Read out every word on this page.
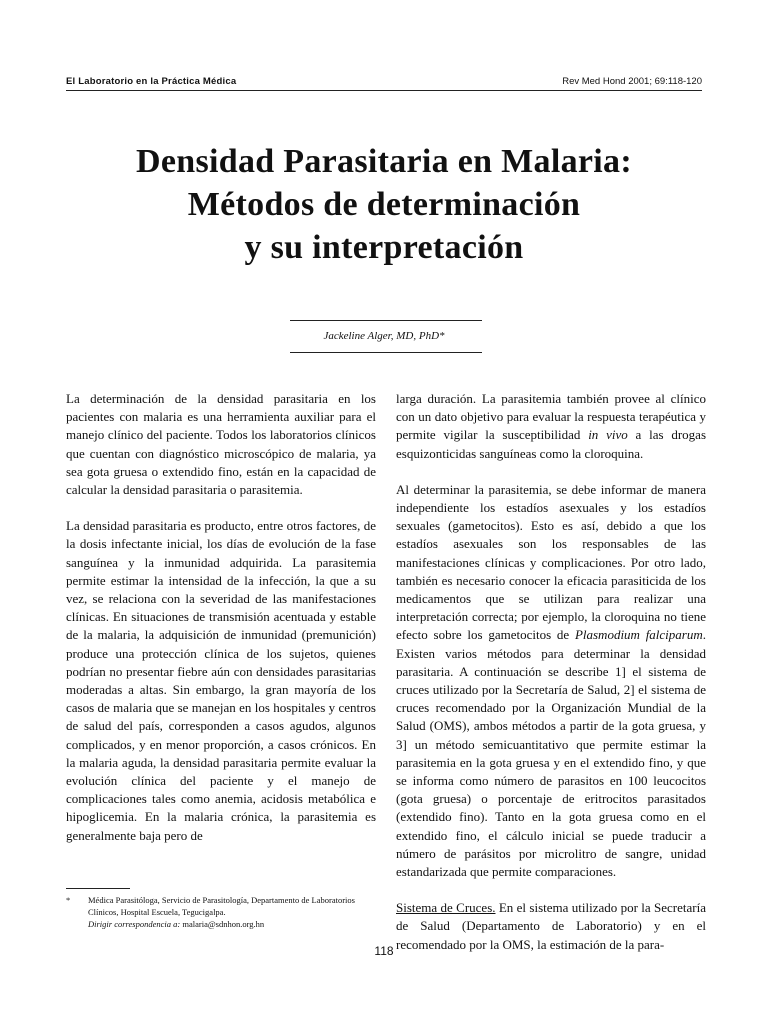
El Laboratorio en la Práctica Médica	Rev Med Hond 2001; 69:118-120
Densidad Parasitaria en Malaria:
Métodos de determinación
y su interpretación
Jackeline Alger, MD, PhD*

La determinación de la densidad parasitaria en los pacientes con malaria es una herramienta auxiliar para el manejo clínico del paciente. Todos los laboratorios clínicos que cuentan con diagnóstico microscópico de malaria, ya sea gota gruesa o extendido fino, están en la capacidad de calcular la densidad parasitaria o parasitemia.

La densidad parasitaria es producto, entre otros factores, de la dosis infectante inicial, los días de evolución de la fase sanguínea y la inmunidad adquirida. La parasitemia permite estimar la intensidad de la infección, la que a su vez, se relaciona con la severidad de las manifestaciones clínicas. En situaciones de transmisión acentuada y estable de la malaria, la adquisición de inmunidad (premunición) produce una protección clínica de los sujetos, quienes podrían no presentar fiebre aún con densidades parasitarias moderadas a altas. Sin embargo, la gran mayoría de los casos de malaria que se manejan en los hospitales y centros de salud del país, corresponden a casos agudos, algunos complicados, y en menor proporción, a casos crónicos. En la malaria aguda, la densidad parasitaria permite evaluar la evolución clínica del paciente y el manejo de complicaciones tales como anemia, acidosis metabólica e hipoglicemia. En la malaria crónica, la parasitemia es generalmente baja pero de

larga duración. La parasitemia también provee al clínico con un dato objetivo para evaluar la respuesta terapéutica y permite vigilar la susceptibilidad in vivo a las drogas esquizonticidas sanguíneas como la cloroquina.

Al determinar la parasitemia, se debe informar de manera independiente los estadíos asexuales y los estadíos sexuales (gametocitos). Esto es así, debido a que los estadíos asexuales son los responsables de las manifestaciones clínicas y complicaciones. Por otro lado, también es necesario conocer la eficacia parasiticida de los medicamentos que se utilizan para realizar una interpretación correcta; por ejemplo, la cloroquina no tiene efecto sobre los gametocitos de Plasmodium falciparum. Existen varios métodos para determinar la densidad parasitaria. A continuación se describe 1] el sistema de cruces utilizado por la Secretaría de Salud, 2] el sistema de cruces recomendado por la Organización Mundial de la Salud (OMS), ambos métodos a partir de la gota gruesa, y 3] un método semicuantitativo que permite estimar la parasitemia en la gota gruesa y en el extendido fino, y que se informa como número de parasitos en 100 leucocitos (gota gruesa) o porcentaje de eritrocitos parasitados (extendido fino). Tanto en la gota gruesa como en el extendido fino, el cálculo inicial se puede traducir a número de parásitos por microlitro de sangre, unidad estandarizada que permite comparaciones.

Sistema de Cruces. En el sistema utilizado por la Secretaría de Salud (Departamento de Laboratorio) y en el recomendado por la OMS, la estimación de la para-

* Médica Parasitóloga, Servicio de Parasitología, Departamento de Laboratorios Clínicos, Hospital Escuela, Tegucigalpa.
Dirigir correspondencia a: malaria@sdnhon.org.hn
118
